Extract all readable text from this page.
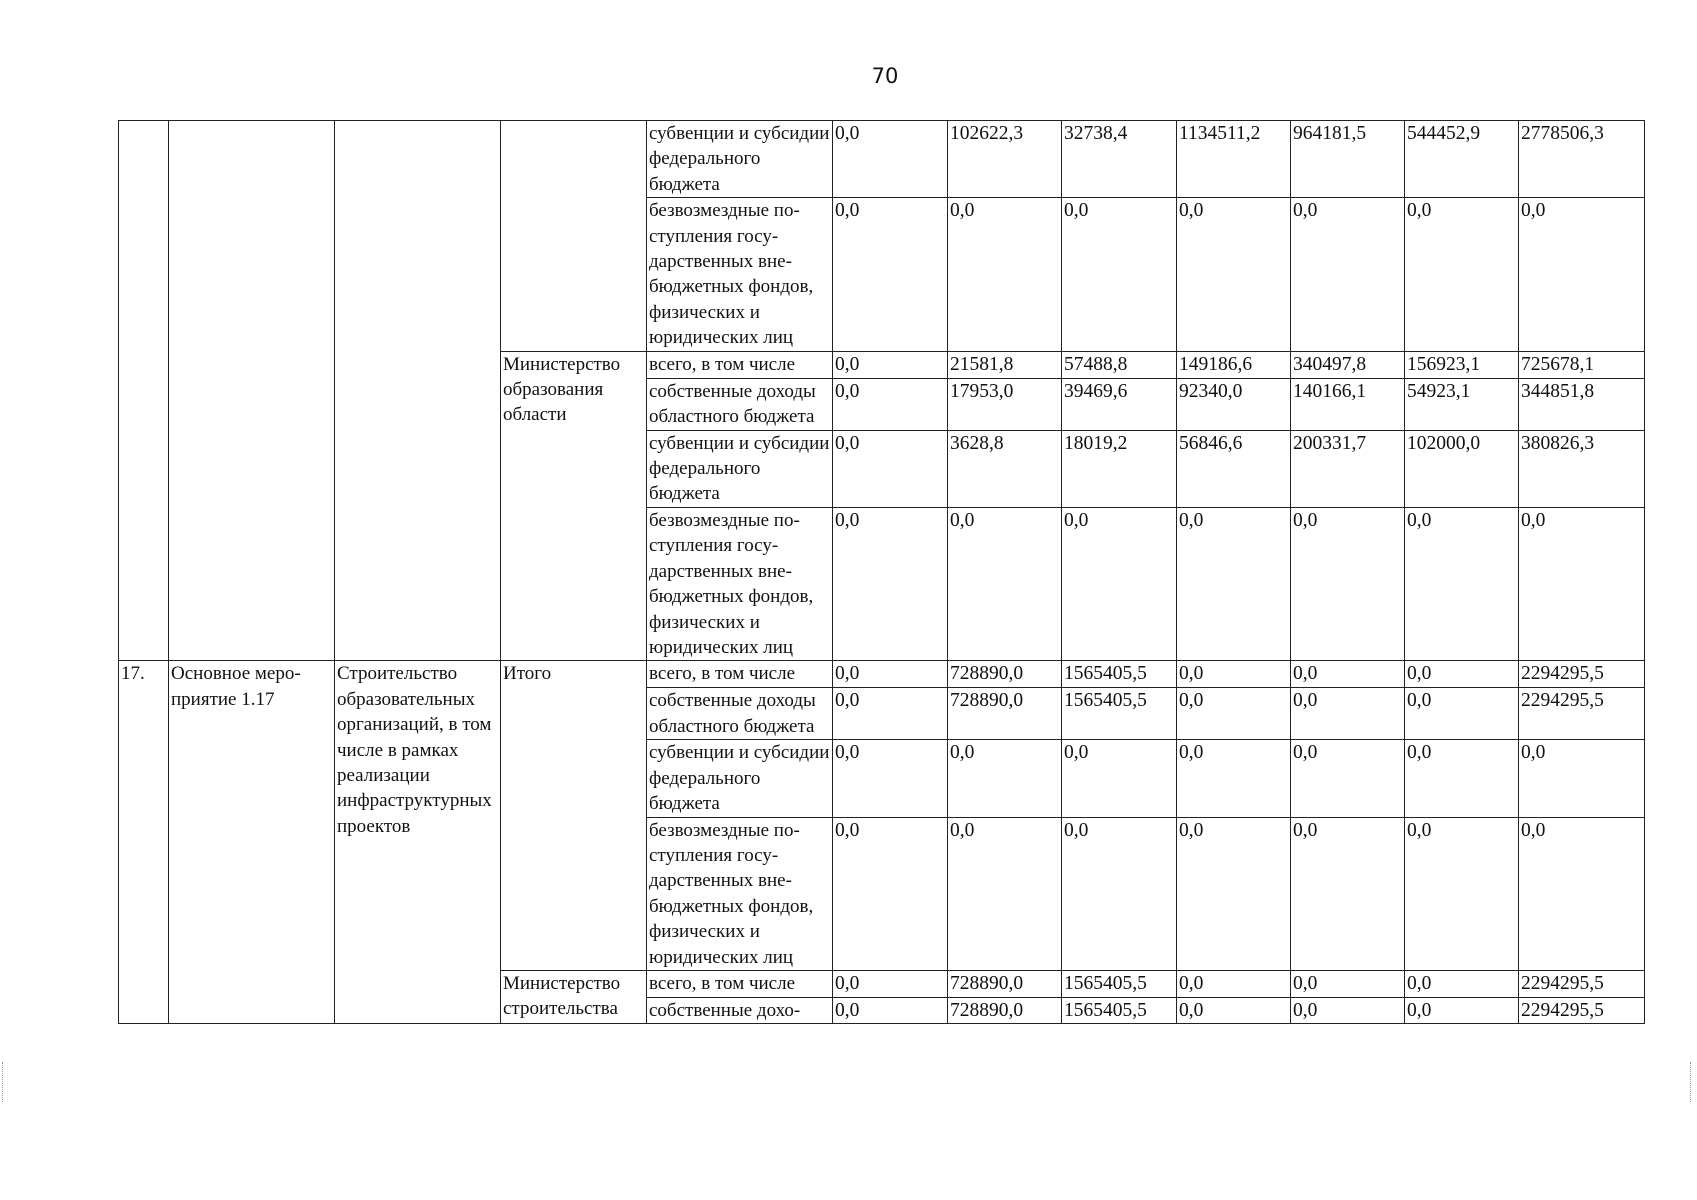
70
				субвенции и субсидии федерального бюджета	0,0	102622,3	32738,4	1134511,2	964181,5	544452,9	2778506,3
				безвозмездные поступления государственных внебюджетных фондов, физических и юридических лиц	0,0	0,0	0,0	0,0	0,0	0,0	0,0
			Министерство образования области	всего, в том числе	0,0	21581,8	57488,8	149186,6	340497,8	156923,1	725678,1
				собственные доходы областного бюджета	0,0	17953,0	39469,6	92340,0	140166,1	54923,1	344851,8
				субвенции и субсидии федерального бюджета	0,0	3628,8	18019,2	56846,6	200331,7	102000,0	380826,3
				безвозмездные поступления государственных внебюджетных фондов, физических и юридических лиц	0,0	0,0	0,0	0,0	0,0	0,0	0,0
17.	Основное мероприятие 1.17	Строительство образовательных организаций, в том числе в рамках реализации инфраструктурных проектов	Итого	всего, в том числе	0,0	728890,0	1565405,5	0,0	0,0	0,0	2294295,5
				собственные доходы областного бюджета	0,0	728890,0	1565405,5	0,0	0,0	0,0	2294295,5
				субвенции и субсидии федерального бюджета	0,0	0,0	0,0	0,0	0,0	0,0	0,0
				безвозмездные поступления государственных внебюджетных фондов, физических и юридических лиц	0,0	0,0	0,0	0,0	0,0	0,0	0,0
			Министерство строительства	всего, в том числе	0,0	728890,0	1565405,5	0,0	0,0	0,0	2294295,5
				собственные дохо-	0,0	728890,0	1565405,5	0,0	0,0	0,0	2294295,5
